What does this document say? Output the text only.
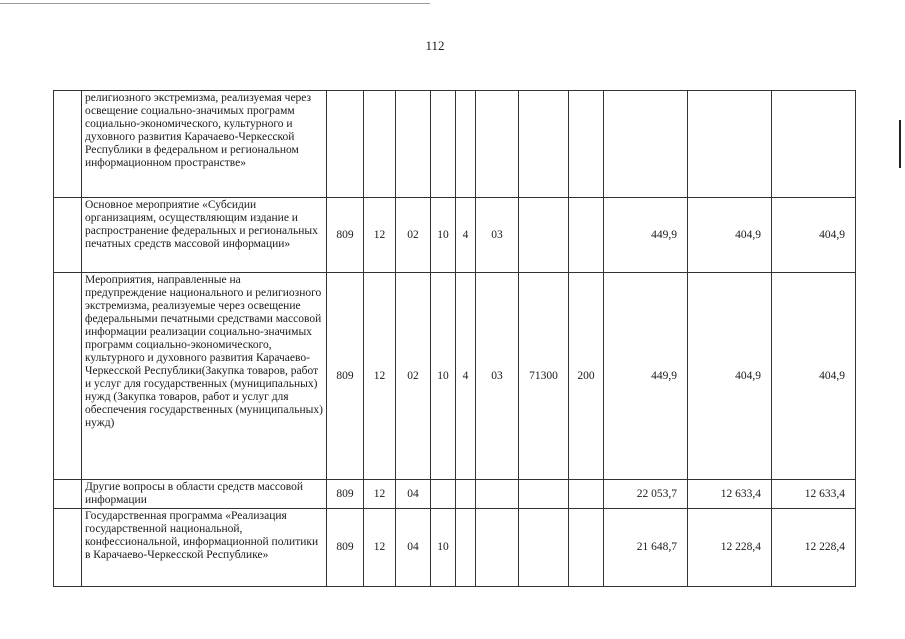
112
	религиозного экстремизма, реализуемая через освещение социально-значимых программ социально-экономического, культурного и духовного развития Карачаево-Черкесской Республики в федеральном и региональном информационном пространстве»											
	Основное мероприятие «Субсидии организациям, осуществляющим издание и распространение федеральных и региональных печатных средств массовой информации»	809	12	02	10	4	03			449,9	404,9	404,9
	Мероприятия, направленные на предупреждение национального и религиозного экстремизма, реализуемые через освещение федеральными печатными средствами массовой информации реализации социально-значимых программ социально-экономического, культурного и духовного развития Карачаево-Черкесской Республики(Закупка товаров, работ и услуг для государственных (муниципальных) нужд (Закупка товаров, работ и услуг для обеспечения государственных (муниципальных) нужд)	809	12	02	10	4	03	71300	200	449,9	404,9	404,9
	Другие вопросы в области средств массовой информации	809	12	04						22 053,7	12 633,4	12 633,4
	Государственная программа «Реализация государственной национальной, конфессиональной, информационной политики в Карачаево-Черкесской Республике»	809	12	04	10					21 648,7	12 228,4	12 228,4
